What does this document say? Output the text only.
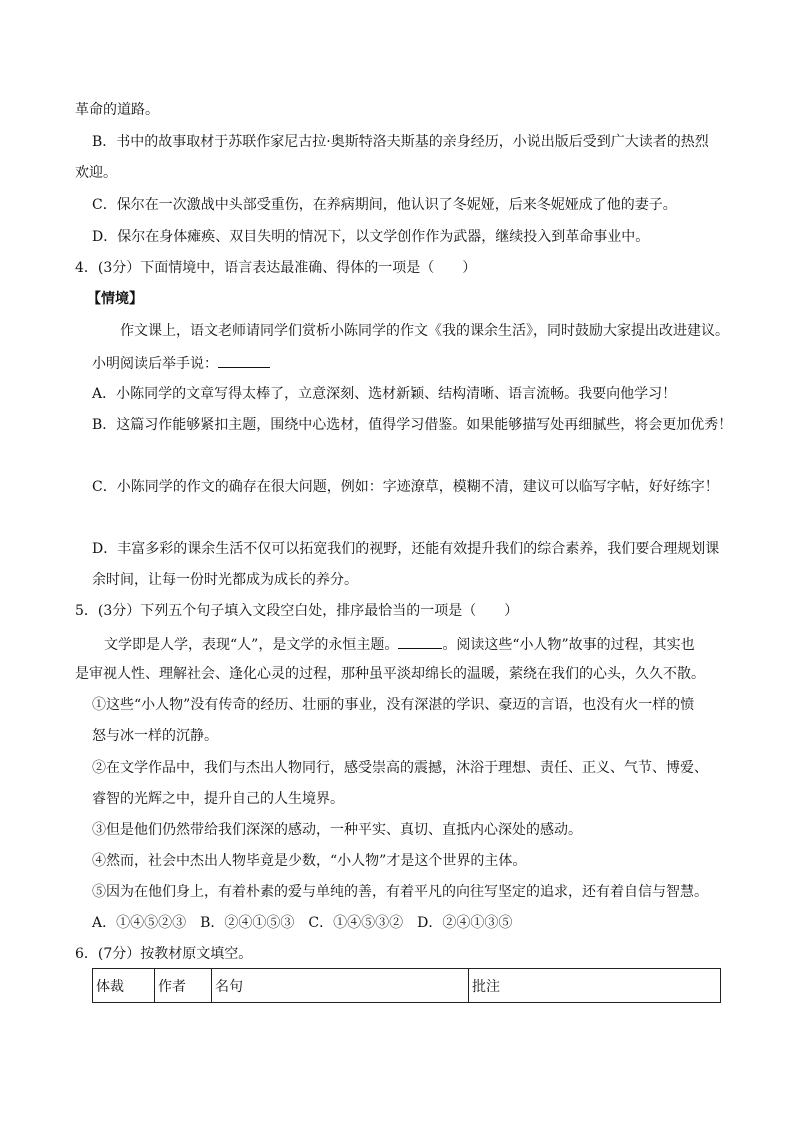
革命的道路。
B．书中的故事取材于苏联作家尼古拉·奥斯特洛夫斯基的亲身经历，小说出版后受到广大读者的热烈
欢迎。
C．保尔在一次激战中头部受重伤，在养病期间，他认识了冬妮娅，后来冬妮娅成了他的妻子。
D．保尔在身体瘫痪、双目失明的情况下，以文学创作作为武器，继续投入到革命事业中。
4．(3分）下面情境中，语言表达最准确、得体的一项是（　　）
【情境】
作文课上，语文老师请同学们赏析小陈同学的作文《我的课余生活》，同时鼓励大家提出改进建议。
小明阅读后举手说：
A．小陈同学的文章写得太棒了，立意深刻、选材新颖、结构清晰、语言流畅。我要向他学习！
B．这篇习作能够紧扣主题，围绕中心选材，值得学习借鉴。如果能够描写处再细腻些，将会更加优秀！
C．小陈同学的作文的确存在很大问题，例如：字迹潦草，模糊不清，建议可以临写字帖，好好练字！
D．丰富多彩的课余生活不仅可以拓宽我们的视野，还能有效提升我们的综合素养，我们要合理规划课
余时间，让每一份时光都成为成长的养分。
5．(3分）下列五个句子填入文段空白处，排序最恰当的一项是（　　）
文学即是人学，表现“人”，是文学的永恒主题。	。阅读这些“小人物”故事的过程，其实也
是审视人性、理解社会、逢化心灵的过程，那种虽平淡却绵长的温暖，萦绕在我们的心头，久久不散。
①这些“小人物”没有传奇的经历、壮丽的事业，没有深湛的学识、豪迈的言语，也没有火一样的愤
怒与冰一样的沉静。
②在文学作品中，我们与杰出人物同行，感受崇高的震撼，沐浴于理想、责任、正义、气节、博爱、
睿智的光辉之中，提升自己的人生境界。
③但是他们仍然带给我们深深的感动，一种平实、真切、直抵内心深处的感动。
④然而，社会中杰出人物毕竟是少数，“小人物”才是这个世界的主体。
⑤因为在他们身上，有着朴素的爱与单纯的善，有着平凡的向往写坚定的追求，还有着自信与智慧。
A．①④⑤②③　B．②④①⑤③　C．①④⑤③②　D．②④①③⑤
6．(7分）按教材原文填空。
体裁	作者	名句	批注
